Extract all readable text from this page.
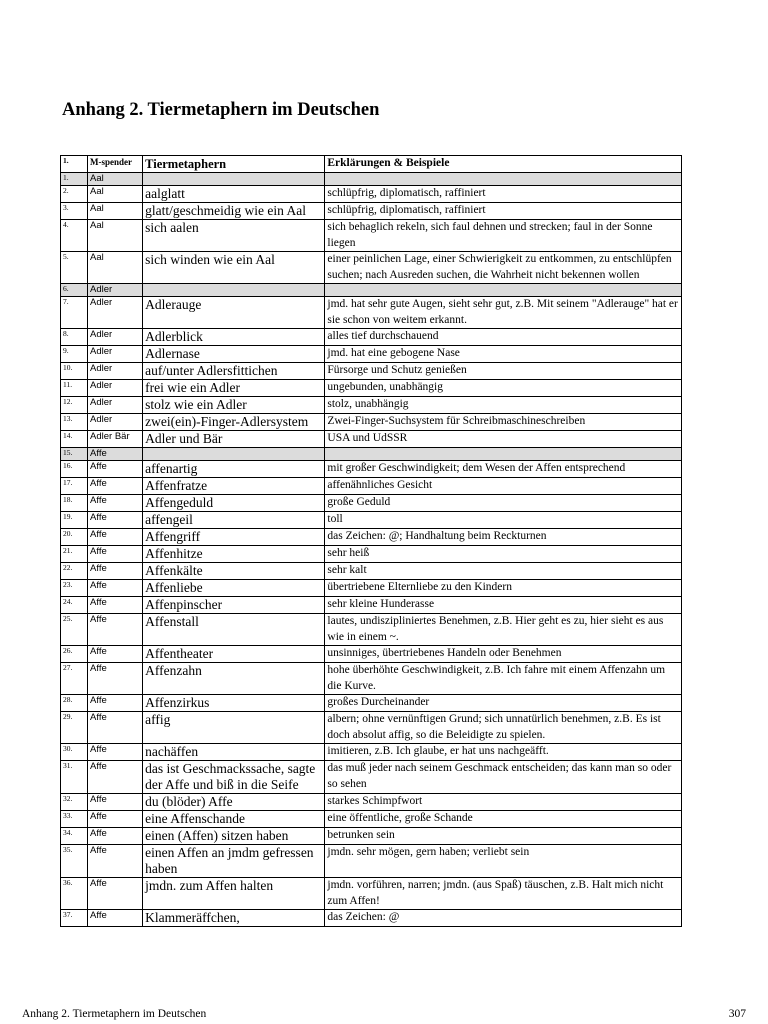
Anhang 2. Tiermetaphern im Deutschen
1.	M-spender	Tiermetaphern	Erklärungen & Beispiele
1.	Aal		
2.	Aal	aalglatt	schlüpfrig, diplomatisch, raffiniert
3.	Aal	glatt/geschmeidig wie ein Aal	schlüpfrig, diplomatisch, raffiniert
4.	Aal	sich aalen	sich behaglich rekeln, sich faul dehnen und strecken; faul in der Sonne liegen
5.	Aal	sich winden wie ein Aal	einer peinlichen Lage, einer Schwierigkeit zu entkommen, zu entschlüpfen suchen; nach Ausreden suchen, die Wahrheit nicht bekennen wollen
6.	Adler		
7.	Adler	Adlerauge	jmd. hat sehr gute Augen, sieht sehr gut, z.B. Mit seinem "Adlerauge" hat er sie schon von weitem erkannt.
8.	Adler	Adlerblick	alles tief durchschauend
9.	Adler	Adlernase	jmd. hat eine gebogene Nase
10.	Adler	auf/unter Adlersfittichen	Fürsorge und Schutz genießen
11.	Adler	frei wie ein Adler	ungebunden, unabhängig
12.	Adler	stolz wie ein Adler	stolz, unabhängig
13.	Adler	zwei(ein)-Finger-Adlersystem	Zwei-Finger-Suchsystem für Schreibmaschineschreiben
14.	Adler Bär	Adler und Bär	USA und UdSSR
15.	Affe		
16.	Affe	affenartig	mit großer Geschwindigkeit; dem Wesen der Affen entsprechend
17.	Affe	Affenfratze	affenähnliches Gesicht
18.	Affe	Affengeduld	große Geduld
19.	Affe	affengeil	toll
20.	Affe	Affengriff	das Zeichen: @; Handhaltung beim Reckturnen
21.	Affe	Affenhitze	sehr heiß
22.	Affe	Affenkälte	sehr kalt
23.	Affe	Affenliebe	übertriebene Elternliebe zu den Kindern
24.	Affe	Affenpinscher	sehr kleine Hunderasse
25.	Affe	Affenstall	lautes, undiszipliniertes Benehmen, z.B. Hier geht es zu, hier sieht es aus wie in einem ~.
26.	Affe	Affentheater	unsinniges, übertriebenes Handeln oder Benehmen
27.	Affe	Affenzahn	hohe überhöhte Geschwindigkeit, z.B. Ich fahre mit einem Affenzahn um die Kurve.
28.	Affe	Affenzirkus	großes Durcheinander
29.	Affe	affig	albern; ohne vernünftigen Grund; sich unnatürlich benehmen, z.B. Es ist doch absolut affig, so die Beleidigte zu spielen.
30.	Affe	nachäffen	imitieren, z.B. Ich glaube, er hat uns nachgeäfft.
31.	Affe	das ist Geschmackssache, sagte der Affe und biß in die Seife	das muß jeder nach seinem Geschmack entscheiden; das kann man so oder so sehen
32.	Affe	du (blöder) Affe	starkes Schimpfwort
33.	Affe	eine Affenschande	eine öffentliche, große Schande
34.	Affe	einen (Affen) sitzen haben	betrunken sein
35.	Affe	einen Affen an jmdm gefressen haben	jmdn. sehr mögen, gern haben; verliebt sein
36.	Affe	jmdn. zum Affen halten	jmdn. vorführen, narren; jmdn. (aus Spaß) täuschen, z.B. Halt mich nicht zum Affen!
37.	Affe	Klammeräffchen,	das Zeichen: @
Anhang 2. Tiermetaphern im Deutschen	307
